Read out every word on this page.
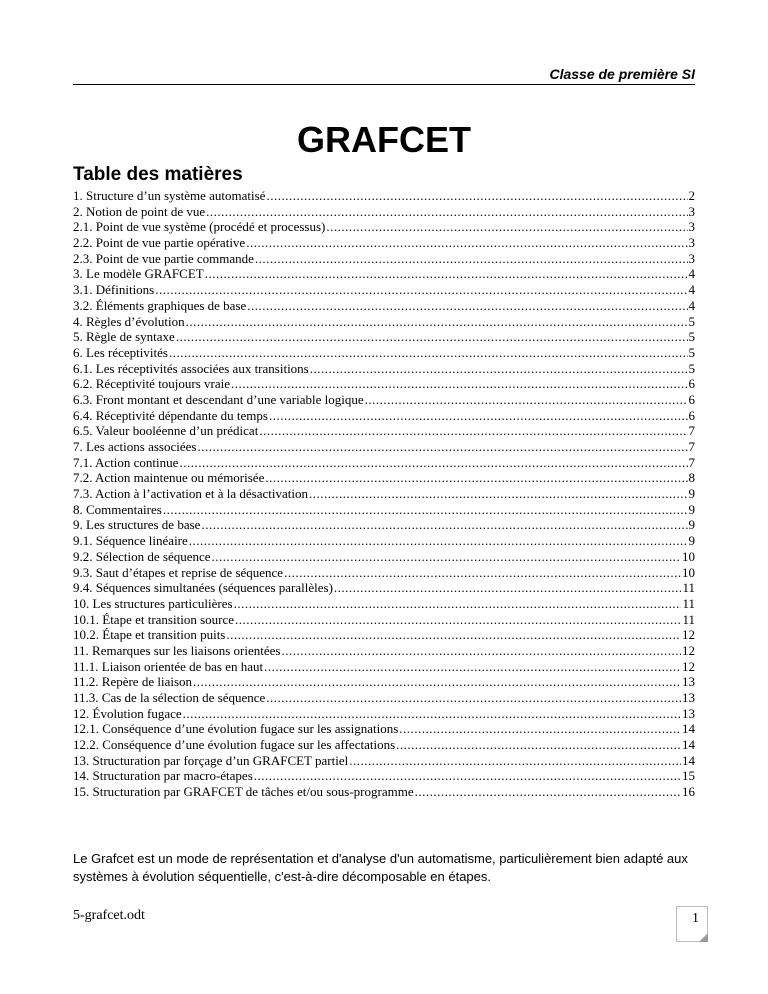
Classe de première SI
GRAFCET
Table des matières
1. Structure d’un système automatisé .....	2
2. Notion de point de vue .....	3
2.1. Point de vue système (procédé et processus) .....	3
2.2. Point de vue partie opérative .....	3
2.3. Point de vue partie commande .....	3
3. Le modèle GRAFCET .....	4
3.1. Définitions .....	4
3.2. Éléments graphiques de base .....	4
4. Règles d’évolution .....	5
5. Règle de syntaxe .....	5
6. Les réceptivités .....	5
6.1. Les réceptivités associées aux transitions .....	5
6.2. Réceptivité toujours vraie .....	6
6.3. Front montant et descendant d’une variable logique .....	6
6.4. Réceptivité dépendante du temps .....	6
6.5. Valeur booléenne d’un prédicat .....	7
7. Les actions associées .....	7
7.1. Action continue .....	7
7.2. Action maintenue ou mémorisée .....	8
7.3. Action à l’activation et à la désactivation .....	9
8. Commentaires .....	9
9. Les structures de base .....	9
9.1. Séquence linéaire .....	9
9.2. Sélection de séquence .....	10
9.3. Saut d’étapes et reprise de séquence .....	10
9.4. Séquences simultanées (séquences parallèles) .....	11
10. Les structures particulières .....	11
10.1. Étape et transition source .....	11
10.2. Étape et transition puits .....	12
11. Remarques sur les liaisons orientées .....	12
11.1. Liaison orientée de bas en haut .....	12
11.2. Repère de liaison .....	13
11.3. Cas de la sélection de séquence .....	13
12. Évolution fugace .....	13
12.1. Conséquence d’une évolution fugace sur les assignations .....	14
12.2. Conséquence d’une évolution fugace sur les affectations .....	14
13. Structuration par forçage d’un GRAFCET partiel .....	14
14. Structuration par macro-étapes .....	15
15. Structuration par GRAFCET de tâches et/ou sous-programme .....	16
Le Grafcet est un mode de représentation et d'analyse d'un automatisme, particulièrement bien adapté aux systèmes à évolution séquentielle, c'est-à-dire décomposable en étapes.
5-grafcet.odt	1
